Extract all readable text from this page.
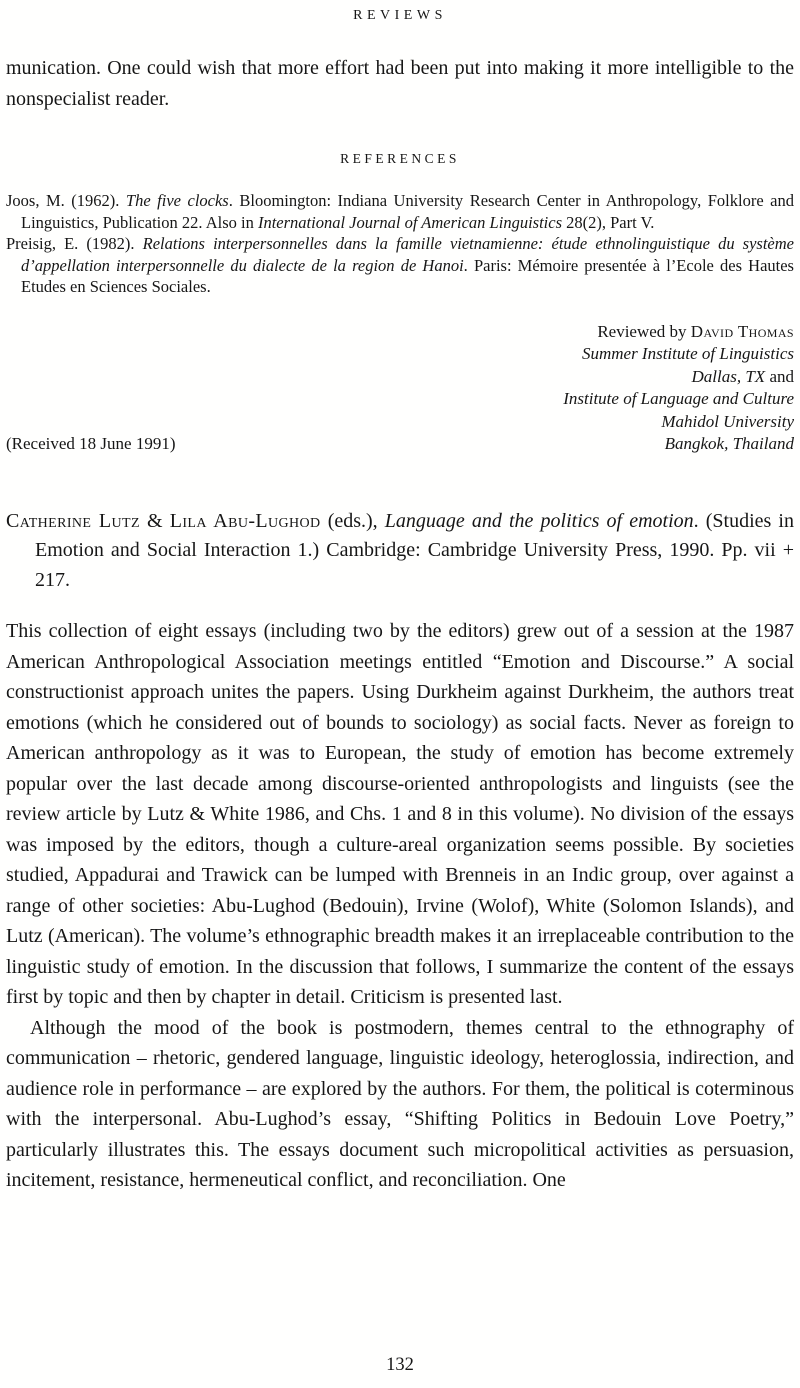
REVIEWS

munication. One could wish that more effort had been put into making it more intelligible to the nonspecialist reader.

REFERENCES

Joos, M. (1962). The five clocks. Bloomington: Indiana University Research Center in Anthropology, Folklore and Linguistics, Publication 22. Also in International Journal of American Linguistics 28(2), Part V.

Preisig, E. (1982). Relations interpersonnelles dans la famille vietnamienne: étude ethnolinguistique du système d’appellation interpersonnelle du dialecte de la region de Hanoi. Paris: Mémoire presentée à l’Ecole des Hautes Etudes en Sciences Sociales.

Reviewed by David Thomas
Summer Institute of Linguistics
Dallas, TX and
Institute of Language and Culture
Mahidol University
(Received 18 June 1991)	Bangkok, Thailand

Catherine Lutz & Lila Abu-Lughod (eds.), Language and the politics of emotion. (Studies in Emotion and Social Interaction 1.) Cambridge: Cambridge University Press, 1990. Pp. vii + 217.

This collection of eight essays (including two by the editors) grew out of a session at the 1987 American Anthropological Association meetings entitled “Emotion and Discourse.” A social constructionist approach unites the papers. Using Durkheim against Durkheim, the authors treat emotions (which he considered out of bounds to sociology) as social facts. Never as foreign to American anthropology as it was to European, the study of emotion has become extremely popular over the last decade among discourse-oriented anthropologists and linguists (see the review article by Lutz & White 1986, and Chs. 1 and 8 in this volume). No division of the essays was imposed by the editors, though a culture-areal organization seems possible. By societies studied, Appadurai and Trawick can be lumped with Brenneis in an Indic group, over against a range of other societies: Abu-Lughod (Bedouin), Irvine (Wolof), White (Solomon Islands), and Lutz (American). The volume’s ethnographic breadth makes it an irreplaceable contribution to the linguistic study of emotion. In the discussion that follows, I summarize the content of the essays first by topic and then by chapter in detail. Criticism is presented last.

Although the mood of the book is postmodern, themes central to the ethnography of communication – rhetoric, gendered language, linguistic ideology, heteroglossia, indirection, and audience role in performance – are explored by the authors. For them, the political is coterminous with the interpersonal. Abu-Lughod’s essay, “Shifting Politics in Bedouin Love Poetry,” particularly illustrates this. The essays document such micropolitical activities as persuasion, incitement, resistance, hermeneutical conflict, and reconciliation. One

132
